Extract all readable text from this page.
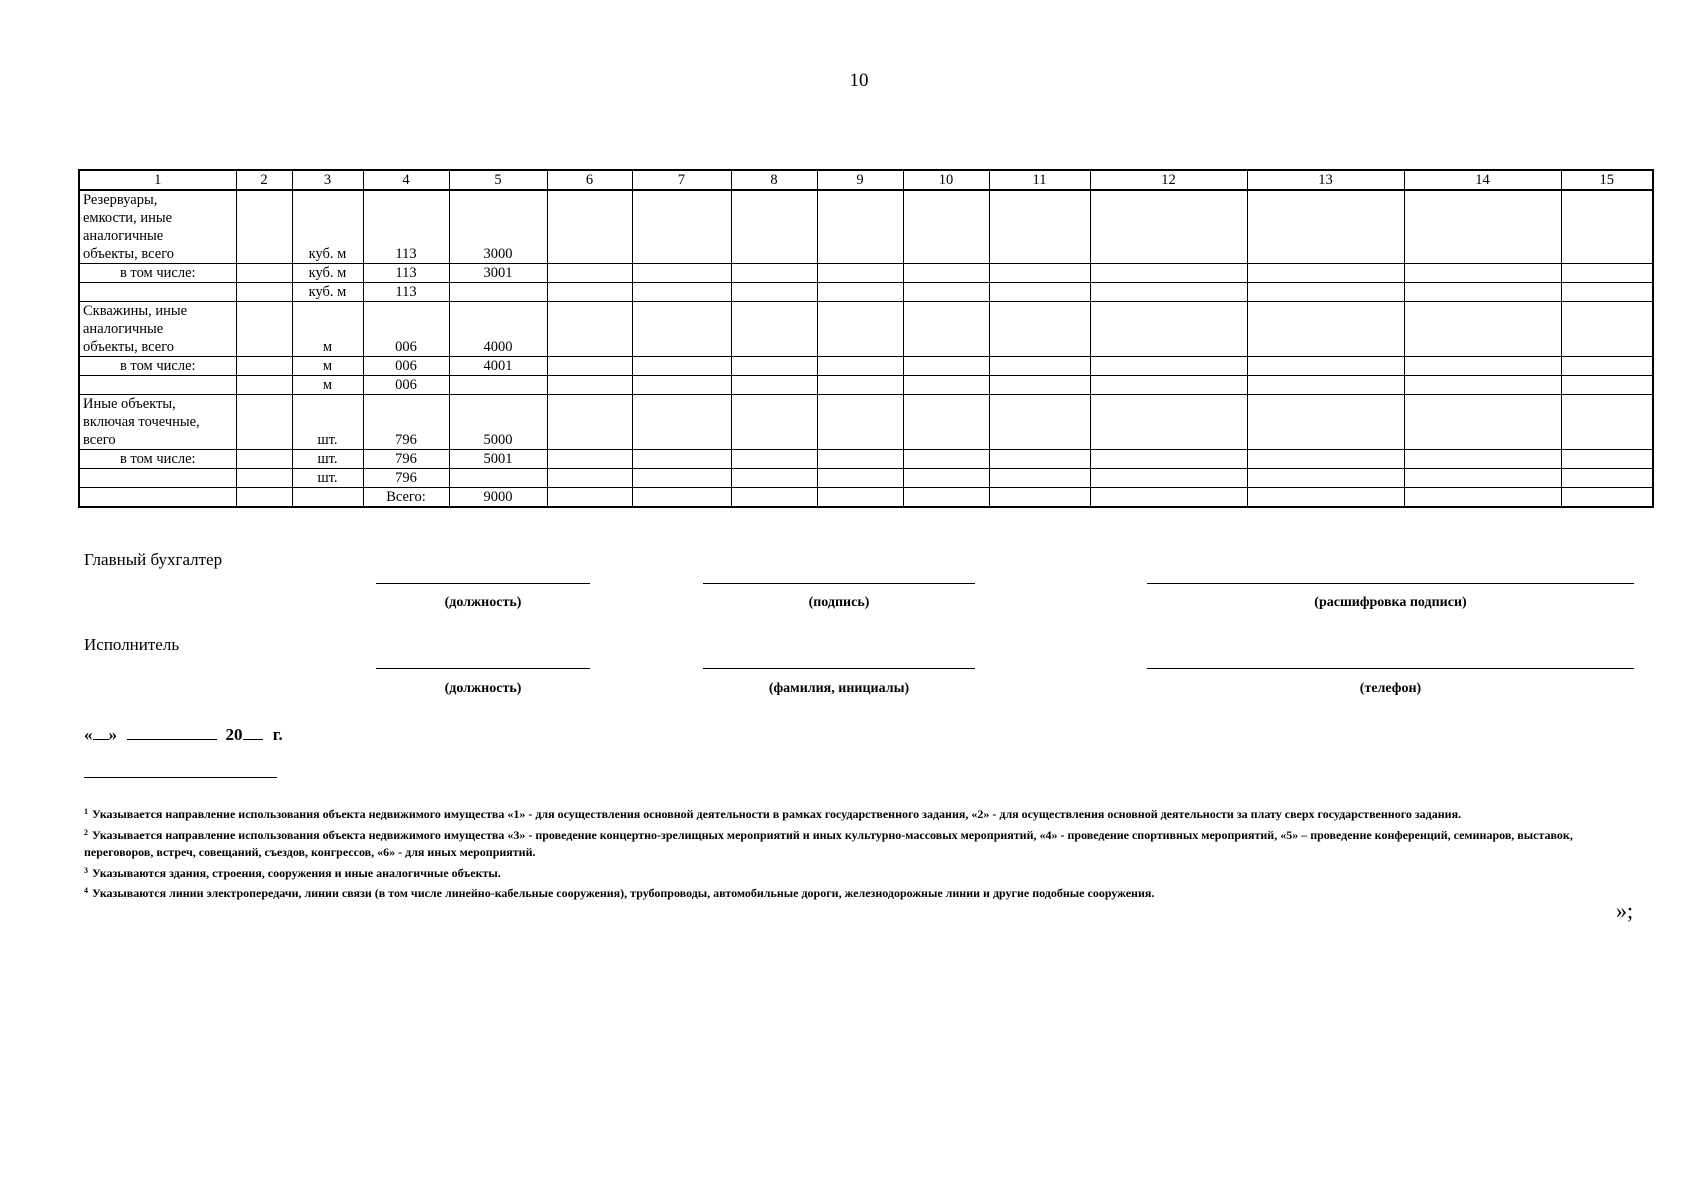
10
1	2	3	4	5	6	7	8	9	10	11	12	13	14	15
Резервуары,
емкости, иные
аналогичные
объекты, всего		куб. м	113	3000										
в том числе:		куб. м	113	3001										
		куб. м	113											
Скважины, иные
аналогичные
объекты, всего		м	006	4000										
в том числе:		м	006	4001										
		м	006											
Иные объекты,
включая точечные,
всего		шт.	796	5000										
в том числе:		шт.	796	5001										
		шт.	796											
			Всего:	9000										
Главный бухгалтер
(должность)	(подпись)	(расшифровка подписи)
Исполнитель
(должность)	(фамилия, инициалы)	(телефон)
« »	20 г.

$^1$ Указывается направление использования объекта недвижимого имущества «1» - для осуществления основной деятельности в рамках государственного задания, «2» - для осуществления основной деятельности за плату сверх государственного задания.

$^2$ Указывается направление использования объекта недвижимого имущества «3» - проведение концертно-зрелищных мероприятий и иных культурно-массовых мероприятий, «4» - проведение спортивных мероприятий, «5» – проведение конференций, семинаров, выставок, переговоров, встреч, совещаний, съездов, конгрессов, «6» - для иных мероприятий.

$^3$ Указываются здания, строения, сооружения и иные аналогичные объекты.

$^4$ Указываются линии электропередачи, линии связи (в том числе линейно-кабельные сооружения), трубопроводы, автомобильные дороги, железнодорожные линии и другие подобные сооружения.

»;
